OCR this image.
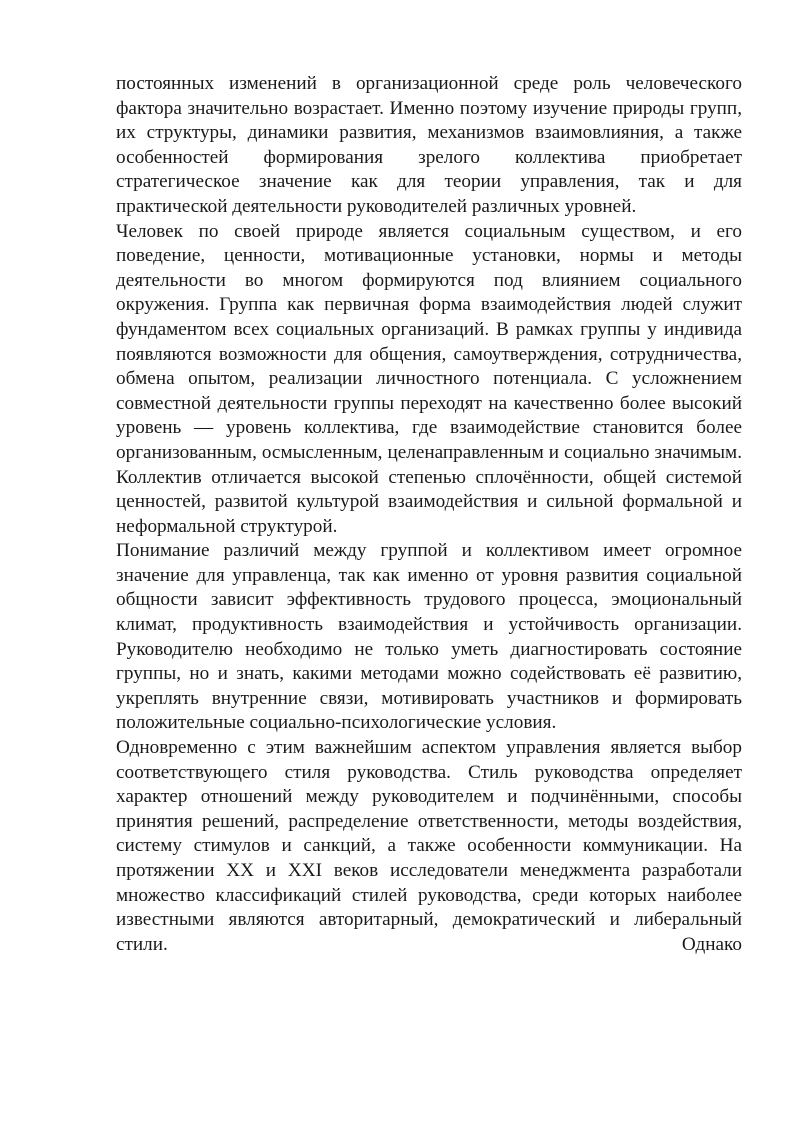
постоянных изменений в организационной среде роль человеческого фактора значительно возрастает. Именно поэтому изучение природы групп, их структуры, динамики развития, механизмов взаимовлияния, а также особенностей формирования зрелого коллектива приобретает стратегическое значение как для теории управления, так и для практической деятельности руководителей различных уровней.

Человек по своей природе является социальным существом, и его поведение, ценности, мотивационные установки, нормы и методы деятельности во многом формируются под влиянием социального окружения. Группа как первичная форма взаимодействия людей служит фундаментом всех социальных организаций. В рамках группы у индивида появляются возможности для общения, самоутверждения, сотрудничества, обмена опытом, реализации личностного потенциала. С усложнением совместной деятельности группы переходят на качественно более высокий уровень — уровень коллектива, где взаимодействие становится более организованным, осмысленным, целенаправленным и социально значимым. Коллектив отличается высокой степенью сплочённости, общей системой ценностей, развитой культурой взаимодействия и сильной формальной и неформальной структурой.

Понимание различий между группой и коллективом имеет огромное значение для управленца, так как именно от уровня развития социальной общности зависит эффективность трудового процесса, эмоциональный климат, продуктивность взаимодействия и устойчивость организации. Руководителю необходимо не только уметь диагностировать состояние группы, но и знать, какими методами можно содействовать её развитию, укреплять внутренние связи, мотивировать участников и формировать положительные социально-психологические условия.

Одновременно с этим важнейшим аспектом управления является выбор соответствующего стиля руководства. Стиль руководства определяет характер отношений между руководителем и подчинёнными, способы принятия решений, распределение ответственности, методы воздействия, систему стимулов и санкций, а также особенности коммуникации. На протяжении XX и XXI веков исследователи менеджмента разработали множество классификаций стилей руководства, среди которых наиболее известными являются авторитарный, демократический и либеральный стили. Однако
